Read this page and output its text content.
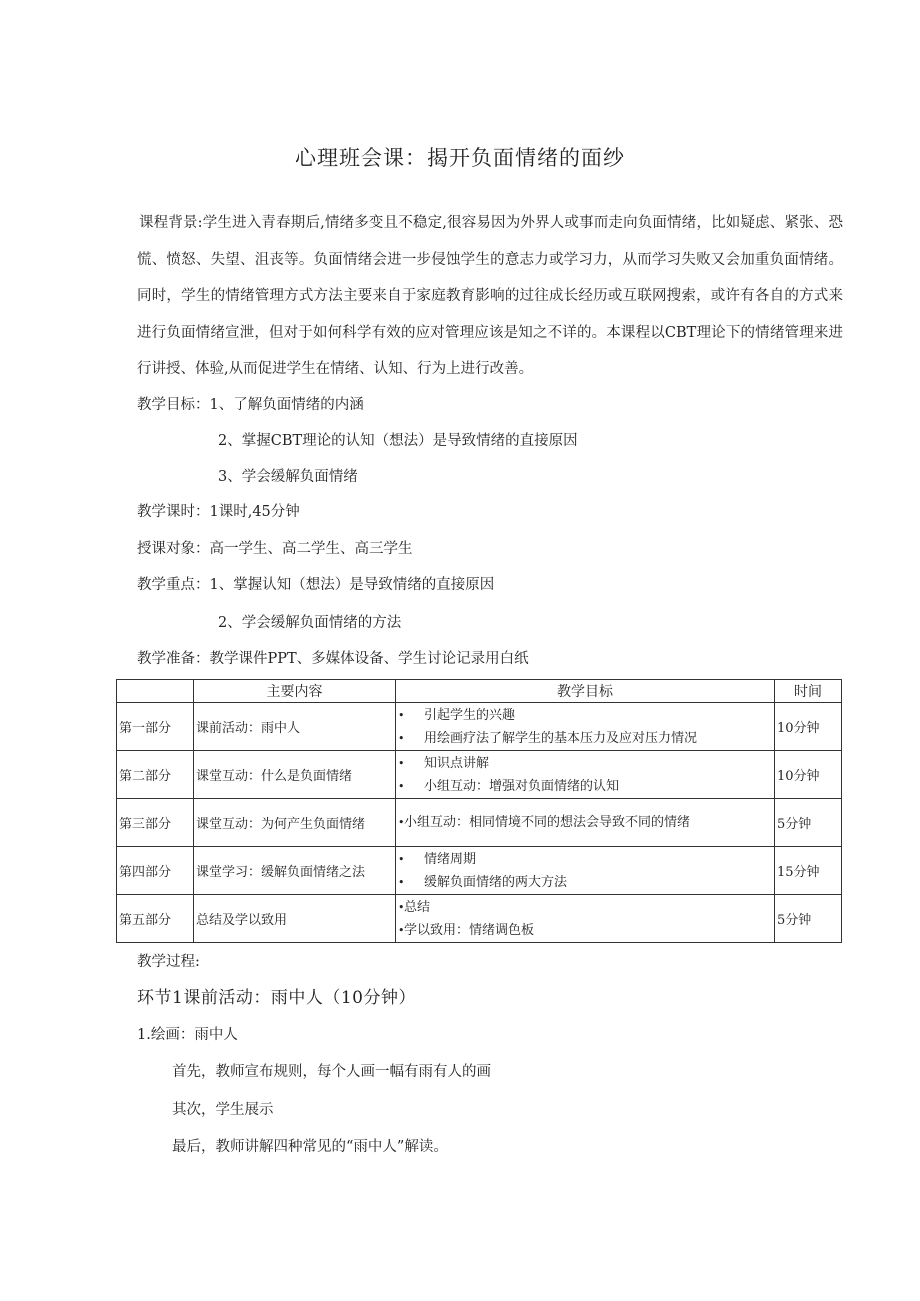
心理班会课：揭开负面情绪的面纱
课程背景:学生进入青春期后,情绪多变且不稳定,很容易因为外界人或事而走向负面情绪，比如疑虑、紧张、恐慌、愤怒、失望、沮丧等。负面情绪会进一步侵蚀学生的意志力或学习力，从而学习失败又会加重负面情绪。同时，学生的情绪管理方式方法主要来自于家庭教育影响的过往成长经历或互联网搜索，或许有各自的方式来进行负面情绪宣泄，但对于如何科学有效的应对管理应该是知之不详的。本课程以CBT理论下的情绪管理来进行讲授、体验,从而促进学生在情绪、认知、行为上进行改善。
教学目标：1、了解负面情绪的内涵
2、掌握CBT理论的认知（想法）是导致情绪的直接原因
3、学会缓解负面情绪
教学课时：1课时,45分钟
授课对象：高一学生、高二学生、高三学生
教学重点：1、掌握认知（想法）是导致情绪的直接原因
2、学会缓解负面情绪的方法
教学准备：教学课件PPT、多媒体设备、学生讨论记录用白纸
	主要内容	教学目标	时间
第一部分	课前活动：雨中人	• 引起学生的兴趣
• 用绘画疗法了解学生的基本压力及应对压力情况	10分钟
第二部分	课堂互动：什么是负面情绪	• 知识点讲解
• 小组互动：增强对负面情绪的认知	10分钟
第三部分	课堂互动：为何产生负面情绪	•小组互动：相同情境不同的想法会导致不同的情绪	5分钟
第四部分	课堂学习：缓解负面情绪之法	• 情绪周期
• 缓解负面情绪的两大方法	15分钟
第五部分	总结及学以致用	•总结
•学以致用：情绪调色板	5分钟
教学过程:
环节1课前活动：雨中人（10分钟）
1.绘画：雨中人
首先，教师宣布规则，每个人画一幅有雨有人的画
其次，学生展示
最后，教师讲解四种常见的“雨中人”解读。
